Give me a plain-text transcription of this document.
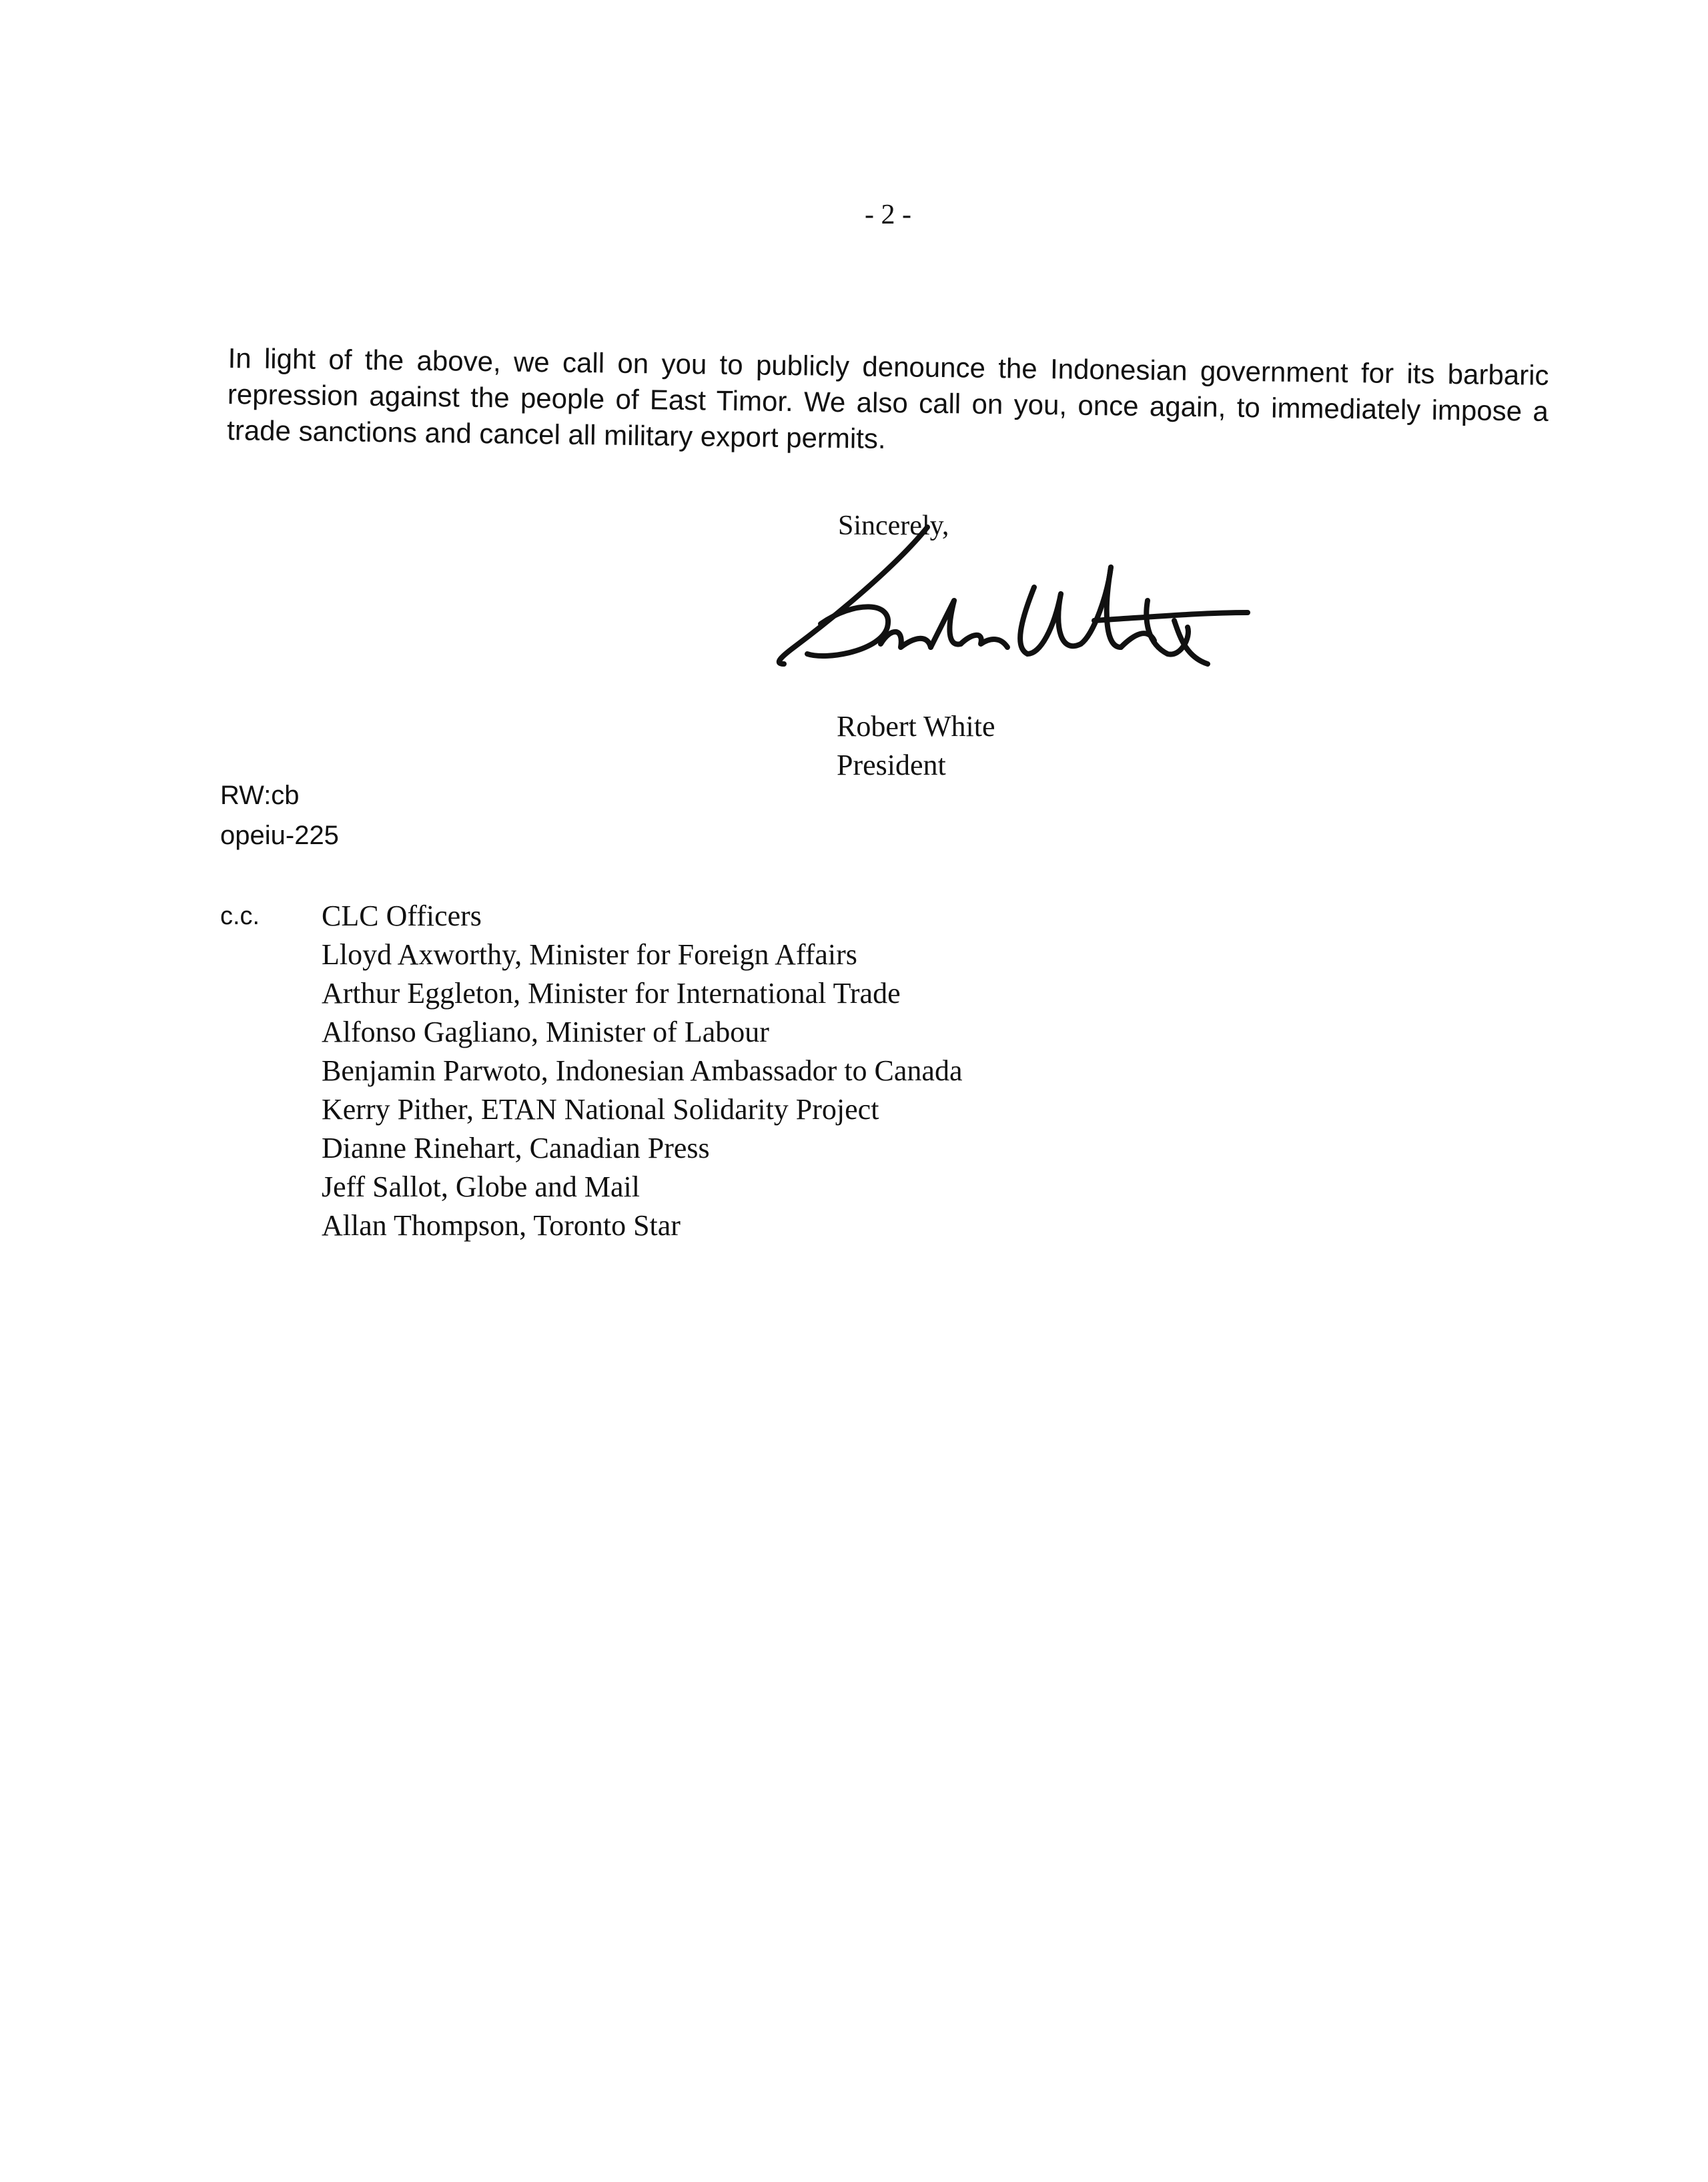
- 2 -

In light of the above, we call on you to publicly denounce the Indonesian government for its barbaric repression against the people of East Timor. We also call on you, once again, to immediately impose a trade sanctions and cancel all military export permits.

Sincerely,
Robert White
President
RW:cb
opeiu-225
c.c. CLC Officers
Lloyd Axworthy, Minister for Foreign Affairs
Arthur Eggleton, Minister for International Trade
Alfonso Gagliano, Minister of Labour
Benjamin Parwoto, Indonesian Ambassador to Canada
Kerry Pither, ETAN National Solidarity Project
Dianne Rinehart, Canadian Press
Jeff Sallot, Globe and Mail
Allan Thompson, Toronto Star
